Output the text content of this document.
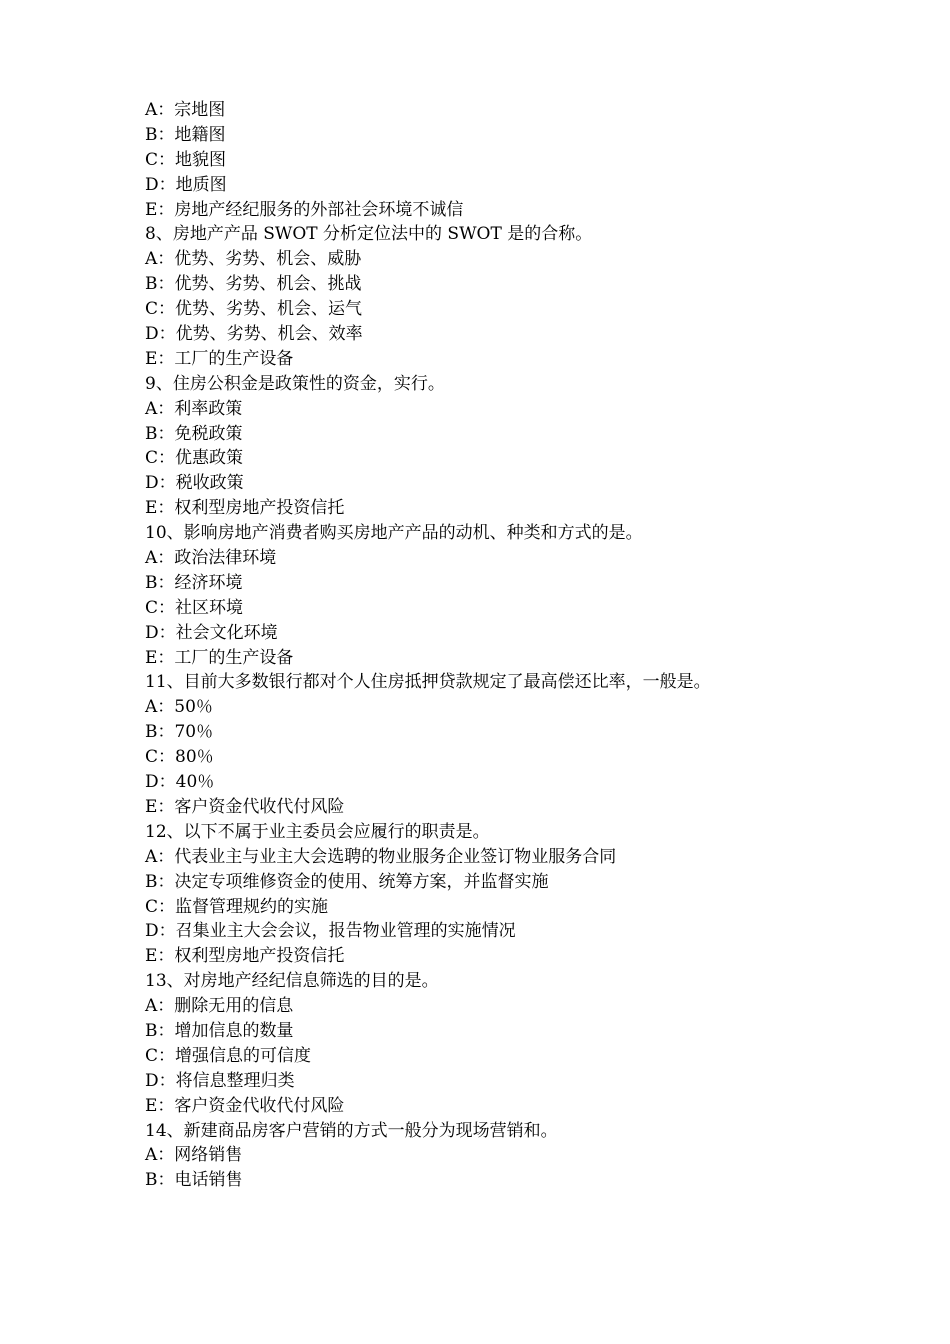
A：宗地图
B：地籍图
C：地貌图
D：地质图
E：房地产经纪服务的外部社会环境不诚信
8、房地产产品 SWOT 分析定位法中的 SWOT 是的合称。
A：优势、劣势、机会、威胁
B：优势、劣势、机会、挑战
C：优势、劣势、机会、运气
D：优势、劣势、机会、效率
E：工厂的生产设备
9、住房公积金是政策性的资金，实行。
A：利率政策
B：免税政策
C：优惠政策
D：税收政策
E：权利型房地产投资信托
10、影响房地产消费者购买房地产产品的动机、种类和方式的是。
A：政治法律环境
B：经济环境
C：社区环境
D：社会文化环境
E：工厂的生产设备
11、目前大多数银行都对个人住房抵押贷款规定了最高偿还比率，一般是。
A：50％
B：70％
C：80％
D：40％
E：客户资金代收代付风险
12、以下不属于业主委员会应履行的职责是。
A：代表业主与业主大会选聘的物业服务企业签订物业服务合同
B：决定专项维修资金的使用、统筹方案，并监督实施
C：监督管理规约的实施
D：召集业主大会会议，报告物业管理的实施情况
E：权利型房地产投资信托
13、对房地产经纪信息筛选的目的是。
A：删除无用的信息
B：增加信息的数量
C：增强信息的可信度
D：将信息整理归类
E：客户资金代收代付风险
14、新建商品房客户营销的方式一般分为现场营销和。
A：网络销售
B：电话销售
